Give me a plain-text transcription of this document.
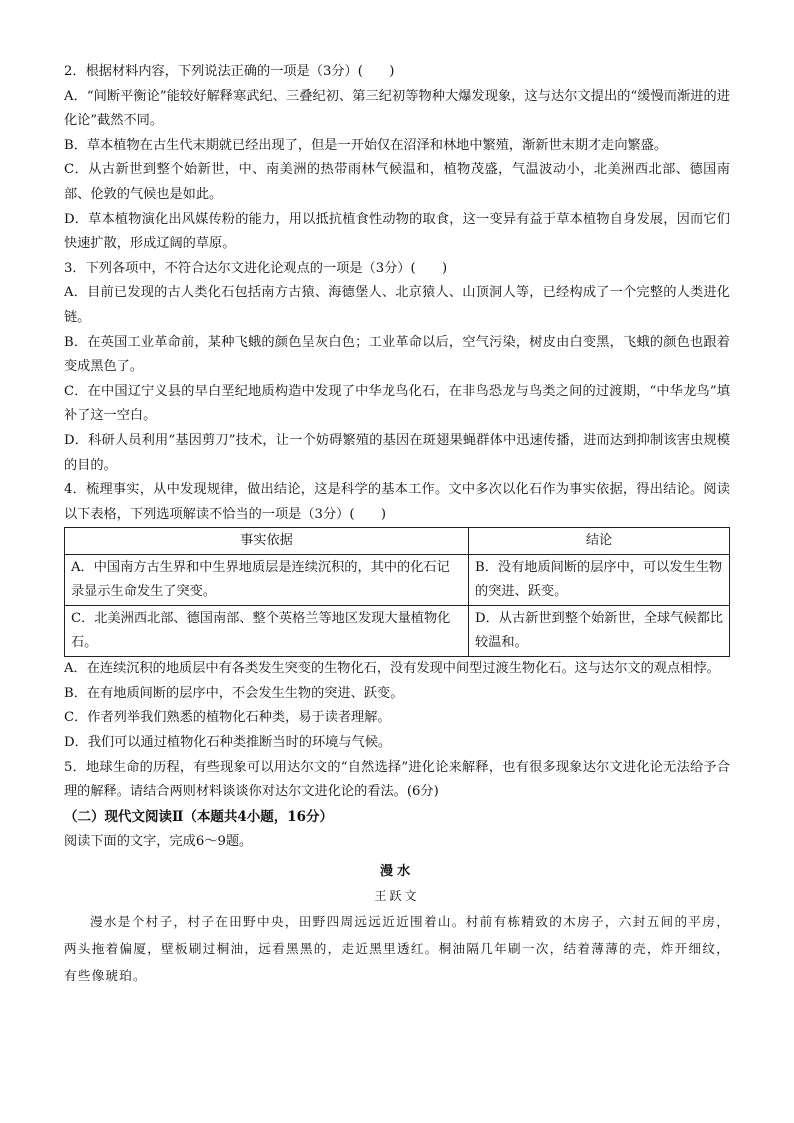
2．根据材料内容，下列说法正确的一项是（3分）(　　)

A．“间断平衡论”能较好解释寒武纪、三叠纪初、第三纪初等物种大爆发现象，这与达尔文提出的“缓慢而渐进的进化论”截然不同。

B．草本植物在古生代末期就已经出现了，但是一开始仅在沼泽和林地中繁殖，渐新世末期才走向繁盛。

C．从古新世到整个始新世，中、南美洲的热带雨林气候温和，植物茂盛，气温波动小，北美洲西北部、德国南部、伦敦的气候也是如此。

D．草本植物演化出风媒传粉的能力，用以抵抗植食性动物的取食，这一变异有益于草本植物自身发展，因而它们快速扩散，形成辽阔的草原。

3．下列各项中，不符合达尔文进化论观点的一项是（3分）(　　)

A．目前已发现的古人类化石包括南方古猿、海德堡人、北京猿人、山顶洞人等，已经构成了一个完整的人类进化链。

B．在英国工业革命前，某种飞蛾的颜色呈灰白色；工业革命以后，空气污染，树皮由白变黑，飞蛾的颜色也跟着变成黑色了。

C．在中国辽宁义县的早白垩纪地质构造中发现了中华龙鸟化石，在非鸟恐龙与鸟类之间的过渡期，“中华龙鸟”填补了这一空白。

D．科研人员利用“基因剪刀”技术，让一个妨碍繁殖的基因在斑翅果蝇群体中迅速传播，进而达到抑制该害虫规模的目的。

4．梳理事实，从中发现规律，做出结论，这是科学的基本工作。文中多次以化石作为事实依据，得出结论。阅读以下表格，下列选项解读不恰当的一项是（3分）(　　)

事实依据	结论
A．中国南方古生界和中生界地质层是连续沉积的，其中的化石记录显示生命发生了突变。	B．没有地质间断的层序中，可以发生生物的突进、跃变。
C．北美洲西北部、德国南部、整个英格兰等地区发现大量植物化石。	D．从古新世到整个始新世，全球气候都比较温和。

A．在连续沉积的地质层中有各类发生突变的生物化石，没有发现中间型过渡生物化石。这与达尔文的观点相悖。

B．在有地质间断的层序中，不会发生生物的突进、跃变。

C．作者列举我们熟悉的植物化石种类，易于读者理解。

D．我们可以通过植物化石种类推断当时的环境与气候。

5．地球生命的历程，有些现象可以用达尔文的“自然选择”进化论来解释，也有很多现象达尔文进化论无法给予合理的解释。请结合两则材料谈谈你对达尔文进化论的看法。(6分)

（二）现代文阅读Ⅱ（本题共4小题，16分）

阅读下面的文字，完成6～9题。

漫水
王跃文

漫水是个村子，村子在田野中央，田野四周远远近近围着山。村前有栋精致的木房子，六封五间的平房，两头拖着偏厦，壁板刷过桐油，远看黑黑的，走近黑里透红。桐油隔几年刷一次，结着薄薄的壳，炸开细纹，有些像琥珀。
